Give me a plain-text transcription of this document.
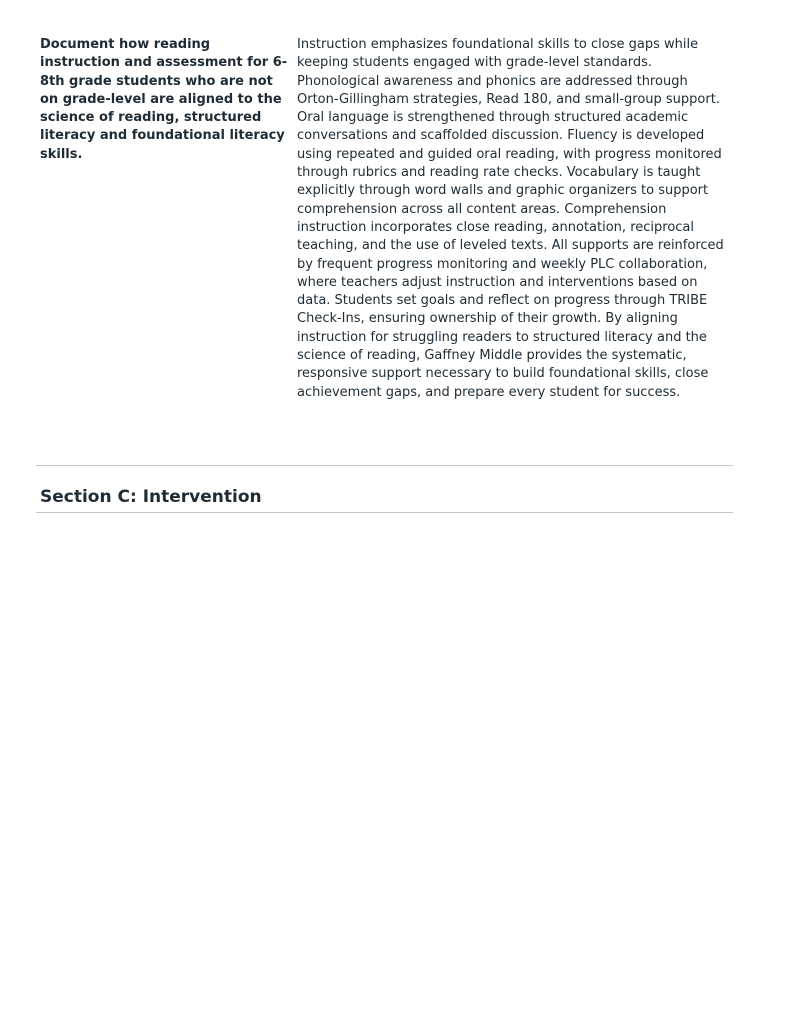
Document how reading instruction and assessment for 6-8th grade students who are not on grade-level are aligned to the science of reading, structured literacy and foundational literacy skills.
Instruction emphasizes foundational skills to close gaps while keeping students engaged with grade-level standards. Phonological awareness and phonics are addressed through Orton-Gillingham strategies, Read 180, and small-group support. Oral language is strengthened through structured academic conversations and scaffolded discussion. Fluency is developed using repeated and guided oral reading, with progress monitored through rubrics and reading rate checks. Vocabulary is taught explicitly through word walls and graphic organizers to support comprehension across all content areas. Comprehension instruction incorporates close reading, annotation, reciprocal teaching, and the use of leveled texts. All supports are reinforced by frequent progress monitoring and weekly PLC collaboration, where teachers adjust instruction and interventions based on data. Students set goals and reflect on progress through TRIBE Check-Ins, ensuring ownership of their growth. By aligning instruction for struggling readers to structured literacy and the science of reading, Gaffney Middle provides the systematic, responsive support necessary to build foundational skills, close achievement gaps, and prepare every student for success.
Section C: Intervention
